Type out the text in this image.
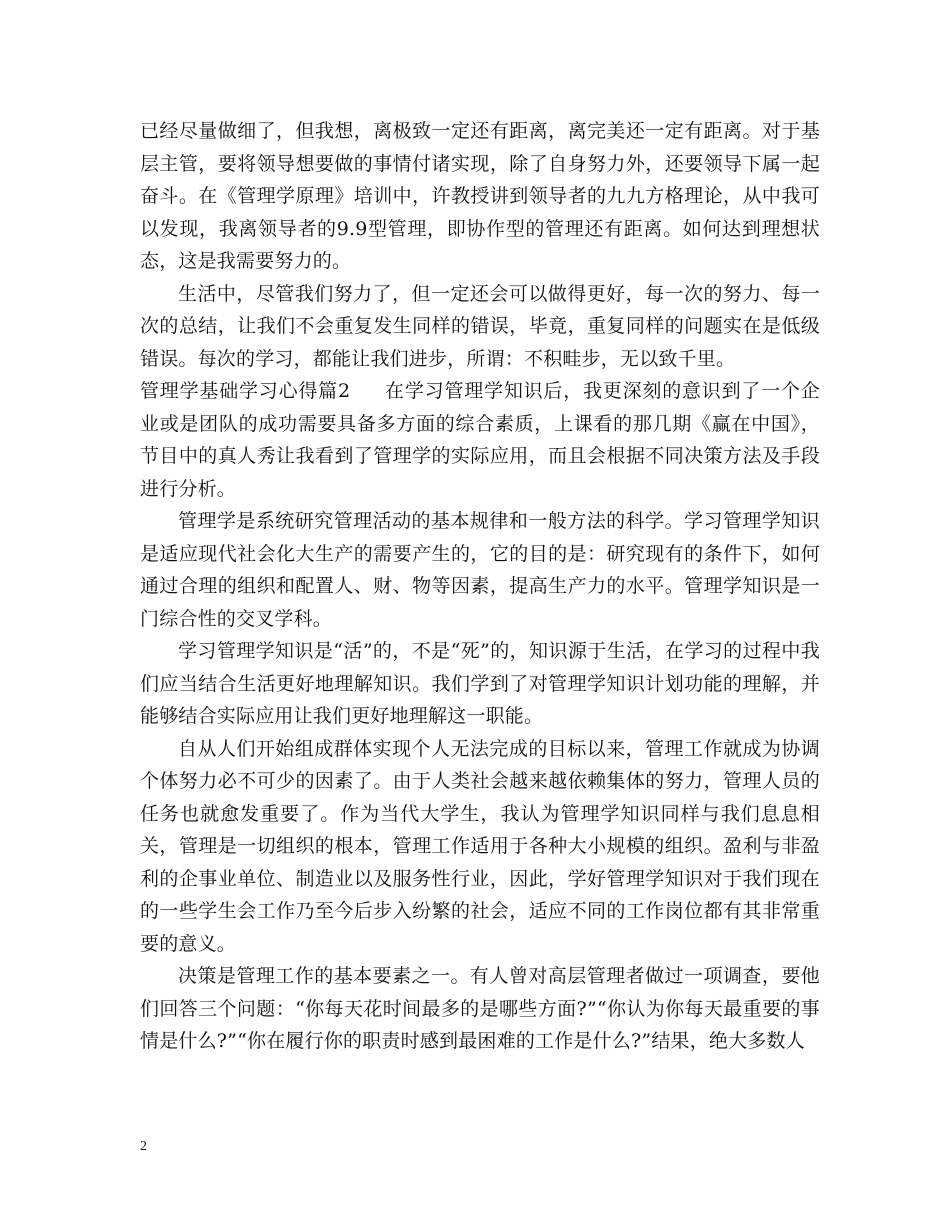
已经尽量做细了，但我想，离极致一定还有距离，离完美还一定有距离。对于基层主管，要将领导想要做的事情付诸实现，除了自身努力外，还要领导下属一起奋斗。在《管理学原理》培训中，许教授讲到领导者的九九方格理论，从中我可以发现，我离领导者的9.9型管理，即协作型的管理还有距离。如何达到理想状态，这是我需要努力的。

生活中，尽管我们努力了，但一定还会可以做得更好，每一次的努力、每一次的总结，让我们不会重复发生同样的错误，毕竟，重复同样的问题实在是低级错误。每次的学习，都能让我们进步，所谓：不积畦步，无以致千里。

管理学基础学习心得篇2 在学习管理学知识后，我更深刻的意识到了一个企业或是团队的成功需要具备多方面的综合素质，上课看的那几期《赢在中国》，节目中的真人秀让我看到了管理学的实际应用，而且会根据不同决策方法及手段进行分析。

管理学是系统研究管理活动的基本规律和一般方法的科学。学习管理学知识是适应现代社会化大生产的需要产生的，它的目的是：研究现有的条件下，如何通过合理的组织和配置人、财、物等因素，提高生产力的水平。管理学知识是一门综合性的交叉学科。

学习管理学知识是“活”的，不是“死”的，知识源于生活，在学习的过程中我们应当结合生活更好地理解知识。我们学到了对管理学知识计划功能的理解，并能够结合实际应用让我们更好地理解这一职能。

自从人们开始组成群体实现个人无法完成的目标以来，管理工作就成为协调个体努力必不可少的因素了。由于人类社会越来越依赖集体的努力，管理人员的任务也就愈发重要了。作为当代大学生，我认为管理学知识同样与我们息息相关，管理是一切组织的根本，管理工作适用于各种大小规模的组织。盈利与非盈利的企事业单位、制造业以及服务性行业，因此，学好管理学知识对于我们现在的一些学生会工作乃至今后步入纷繁的社会，适应不同的工作岗位都有其非常重要的意义。

决策是管理工作的基本要素之一。有人曾对高层管理者做过一项调查，要他们回答三个问题：“你每天花时间最多的是哪些方面?”“你认为你每天最重要的事情是什么?”“你在履行你的职责时感到最困难的工作是什么?”结果，绝大多数人

2
